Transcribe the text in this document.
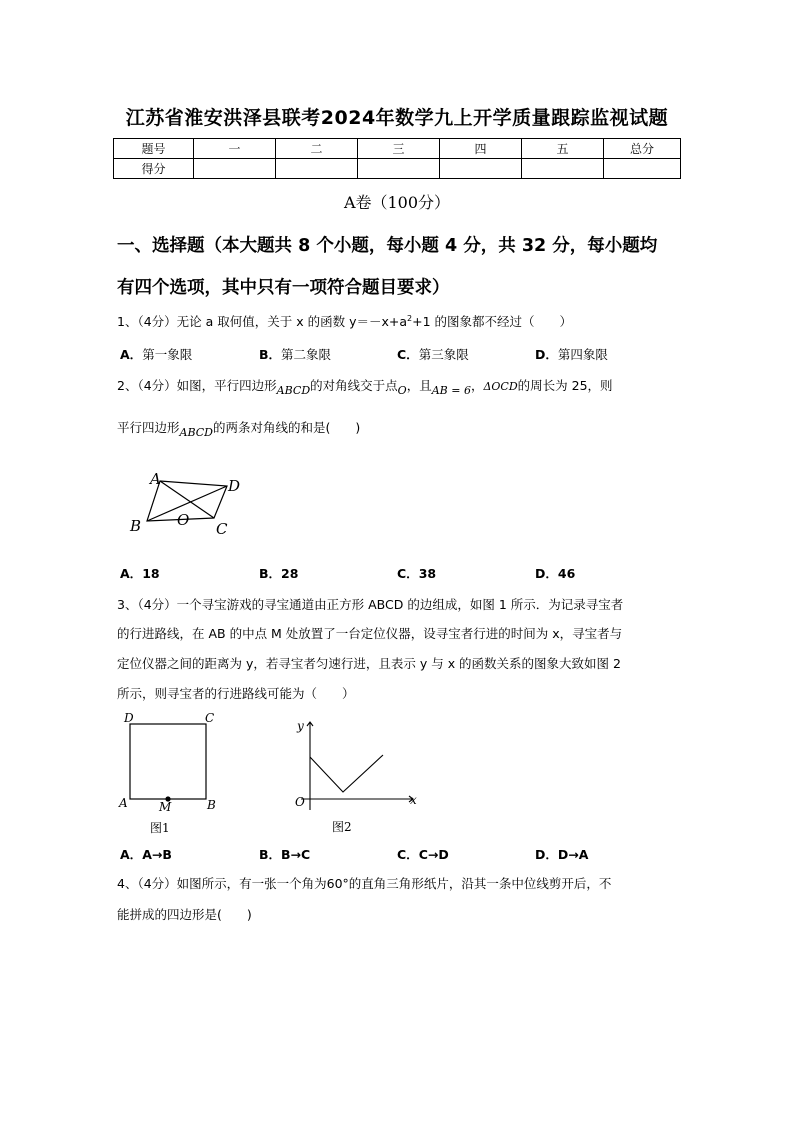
江苏省淮安洪泽县联考2024年数学九上开学质量跟踪监视试题
题号	一	二	三	四	五	总分
得分						
A卷（100分）
一、选择题（本大题共 8 个小题，每小题 4 分，共 32 分，每小题均
有四个选项，其中只有一项符合题目要求）
1、（4分）无论 a 取何值，关于 x 的函数 $y=-x+a^2+1$ 的图象都不经过（　　）
A．第一象限	B．第二象限	C．第三象限	D．第四象限
2、（4分）如图，平行四边形ABCD的对角线交于点O，且AB = 6，ΔOCD的周长为 25，则
平行四边形ABCD的两条对角线的和是(　　)
A	D
B	C
O
A．18	B．28	C．38	D．46
3、（4分）一个寻宝游戏的寻宝通道由正方形 ABCD 的边组成，如图 1 所示．为记录寻宝者
的行进路线，在 AB 的中点 M 处放置了一台定位仪器，设寻宝者行进的时间为 x，寻宝者与
定位仪器之间的距离为 y，若寻宝者匀速行进，且表示 y 与 x 的函数关系的图象大致如图 2
所示，则寻宝者的行进路线可能为（　　）
D	C
A	B
M
图1
y
x
O
图2
A．A→B	B．B→C	C．C→D	D．D→A
4、（4分）如图所示，有一张一个角为60°的直角三角形纸片，沿其一条中位线剪开后，不
能拼成的四边形是(　　)
